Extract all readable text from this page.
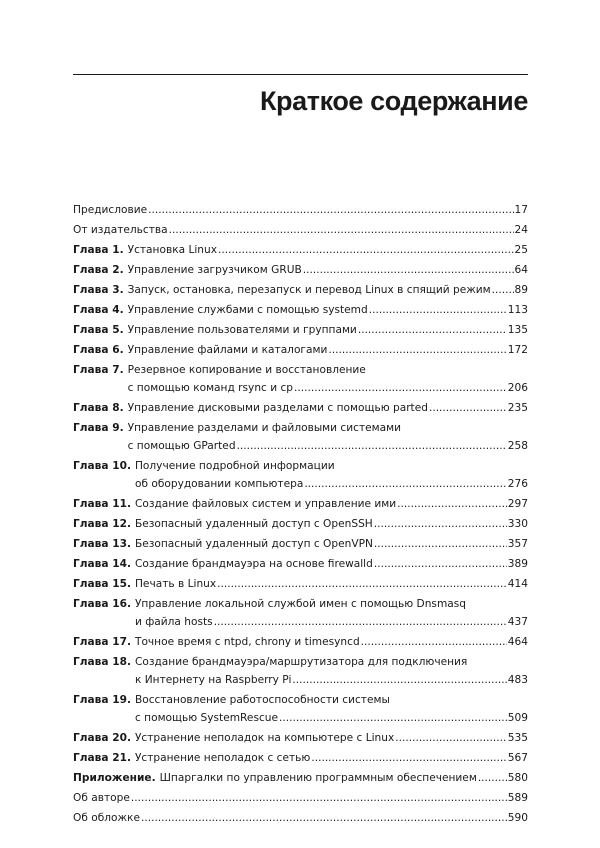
Краткое содержание
Предисловие .....	17
От издательства .....	24
Глава 1. Установка Linux .....	25
Глава 2. Управление загрузчиком GRUB .....	64
Глава 3. Запуск, остановка, перезапуск и перевод Linux в спящий режим ..... 89
Глава 4. Управление службами с помощью systemd .....	113
Глава 5. Управление пользователями и группами .....	135
Глава 6. Управление файлами и каталогами .....	172
Глава 7. Резервное копирование и восстановление
с помощью команд rsync и cp .....	206
Глава 8. Управление дисковыми разделами с помощью parted .....	235
Глава 9. Управление разделами и файловыми системами
с помощью GParted .....	258
Глава 10. Получение подробной информации
об оборудовании компьютера .....	276
Глава 11. Создание файловых систем и управление ими .....	297
Глава 12. Безопасный удаленный доступ с OpenSSH .....	330
Глава 13. Безопасный удаленный доступ с OpenVPN .....	357
Глава 14. Создание брандмауэра на основе firewalld .....	389
Глава 15. Печать в Linux .....	414
Глава 16. Управление локальной службой имен с помощью Dnsmasq
и файла hosts .....	437
Глава 17. Точное время с ntpd, chrony и timesyncd .....	464
Глава 18. Создание брандмауэра/маршрутизатора для подключения
к Интернету на Raspberry Pi .....	483
Глава 19. Восстановление работоспособности системы
с помощью SystemRescue .....	509
Глава 20. Устранение неполадок на компьютере с Linux .....	535
Глава 21. Устранение неполадок с сетью .....	567
Приложение. Шпаргалки по управлению программным обеспечением .....	580
Об авторе .....	589
Об обложке .....	590
